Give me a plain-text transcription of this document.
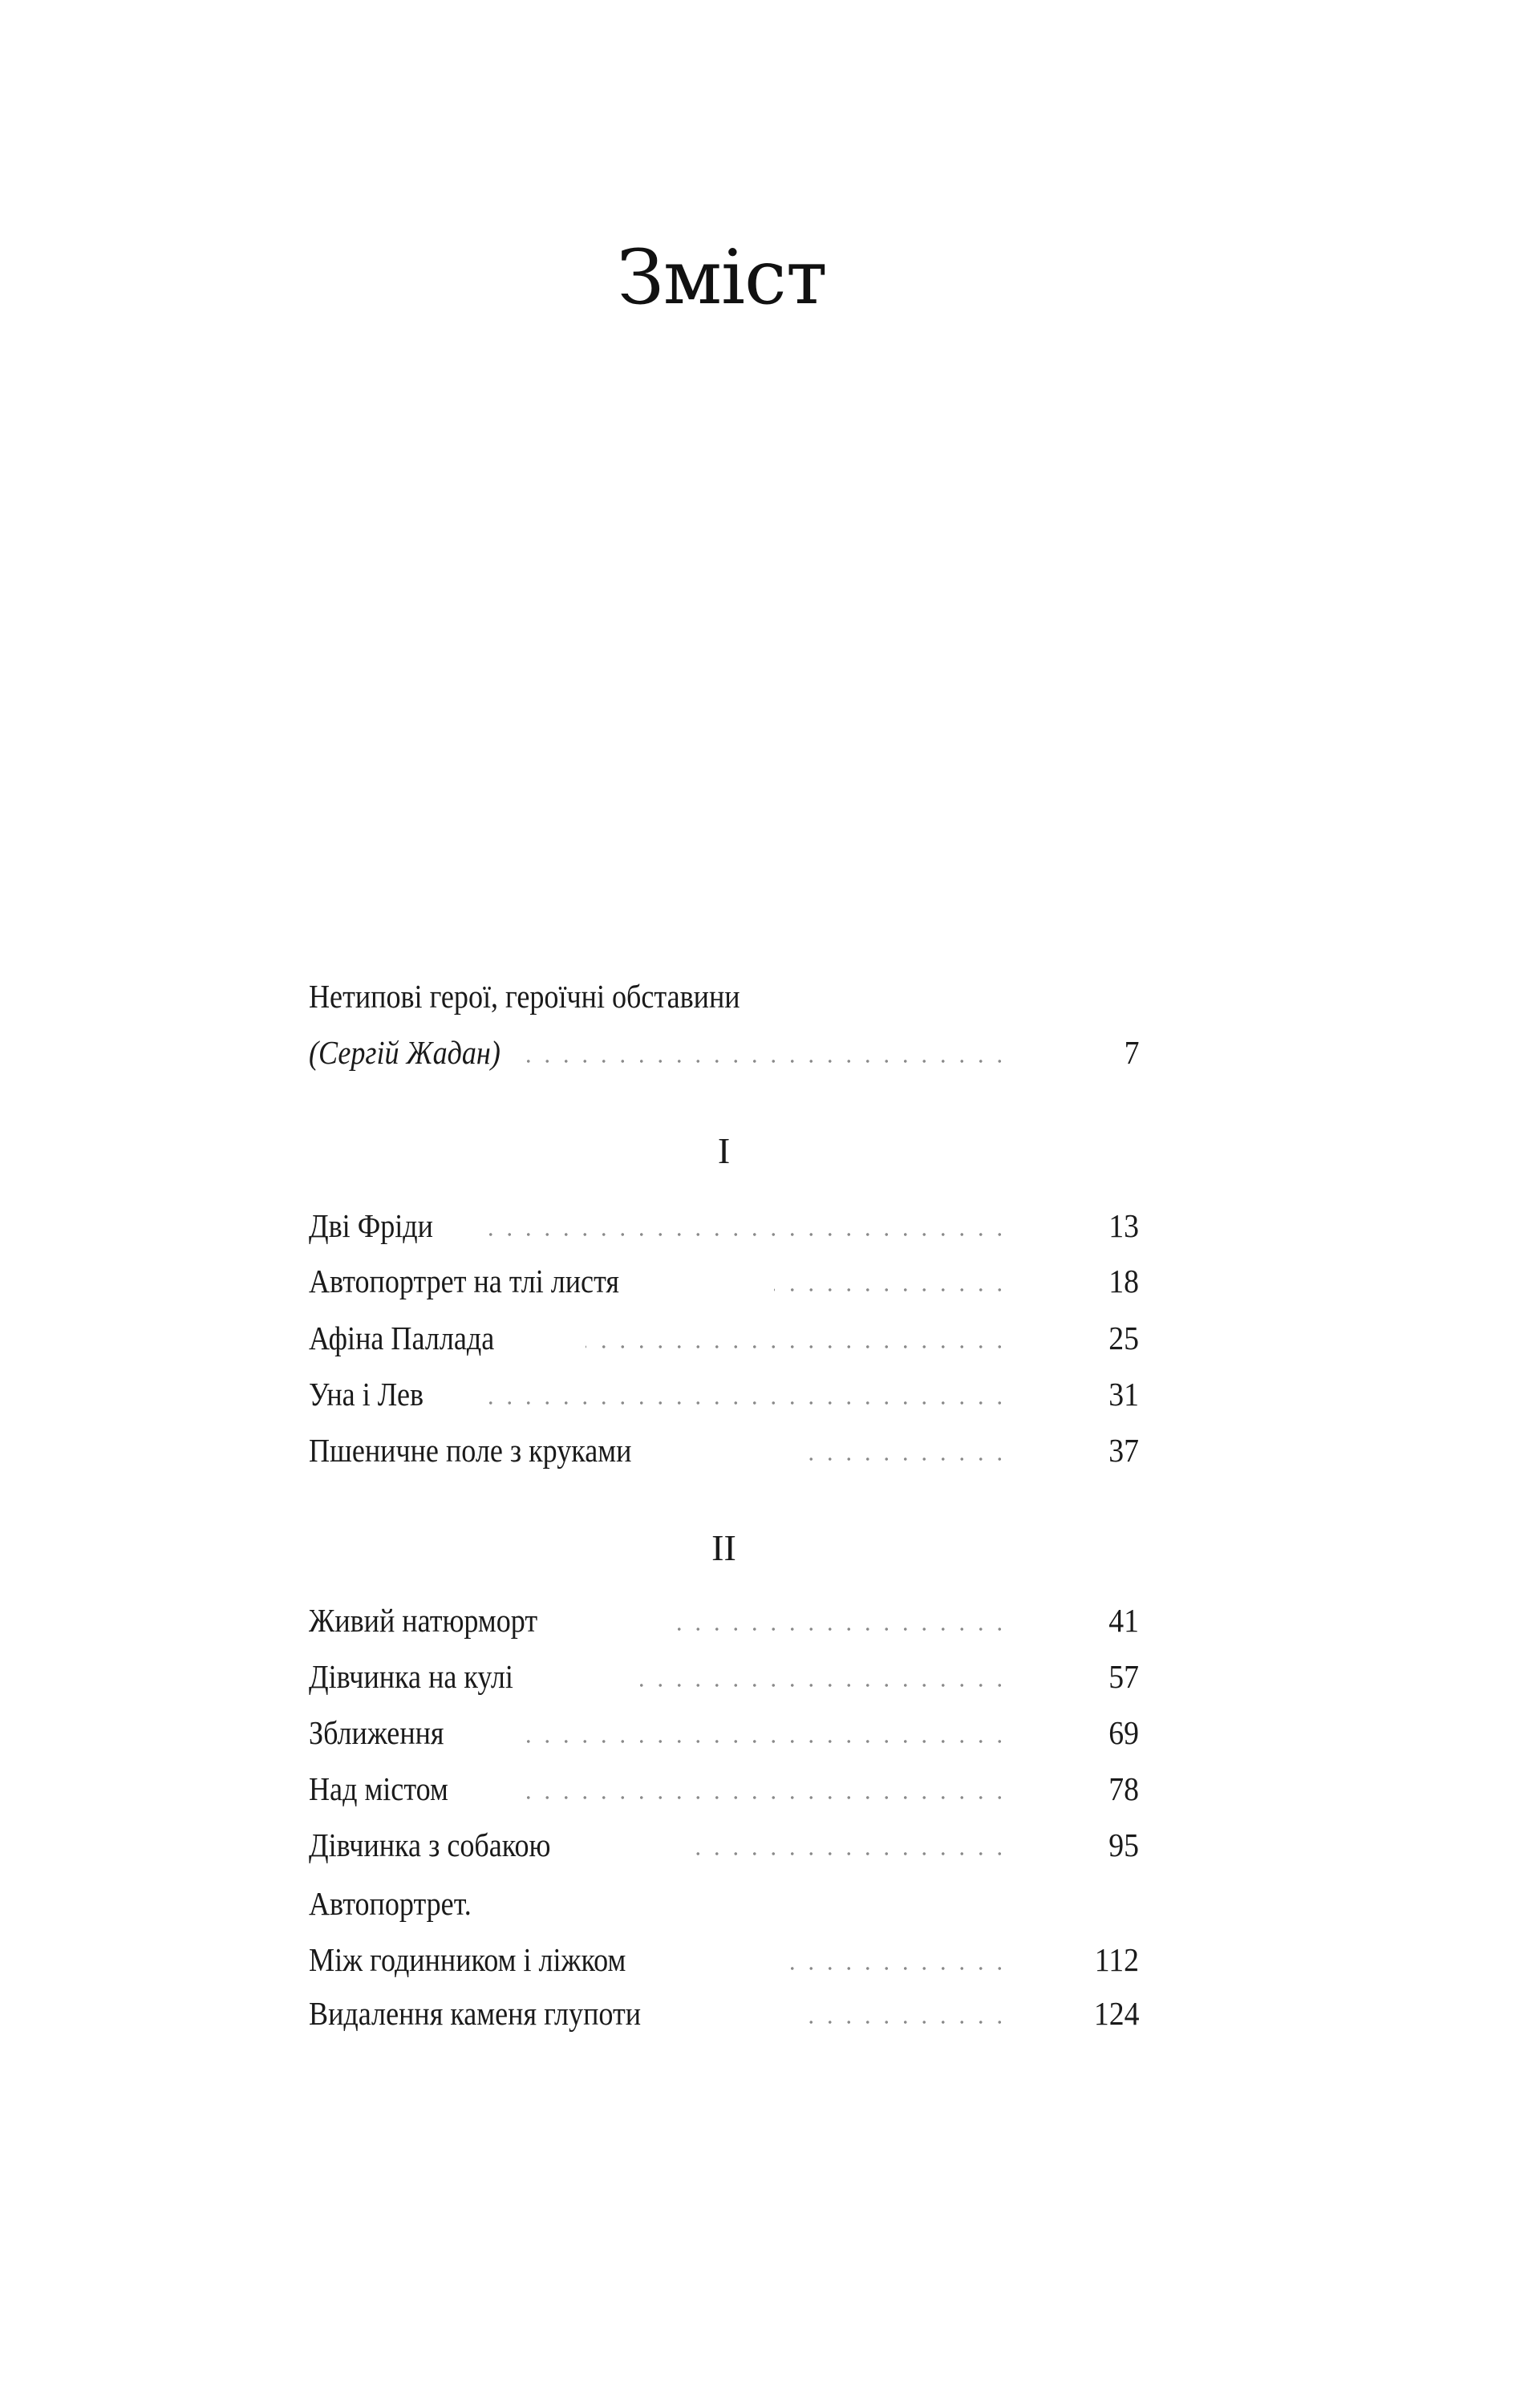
Зміст
Нетипові герої, героїчні обставини
(Сергій Жадан)	7
I
Дві Фріди	13
Автопортрет на тлі листя	18
Афіна Паллада	25
Уна і Лев	31
Пшеничне поле з круками	37
II
Живий натюрморт	41
Дівчинка на кулі	57
Зближення	69
Над містом	78
Дівчинка з собакою	95
Автопортрет.
Між годинником і ліжком	112
Видалення каменя глупоти	124
